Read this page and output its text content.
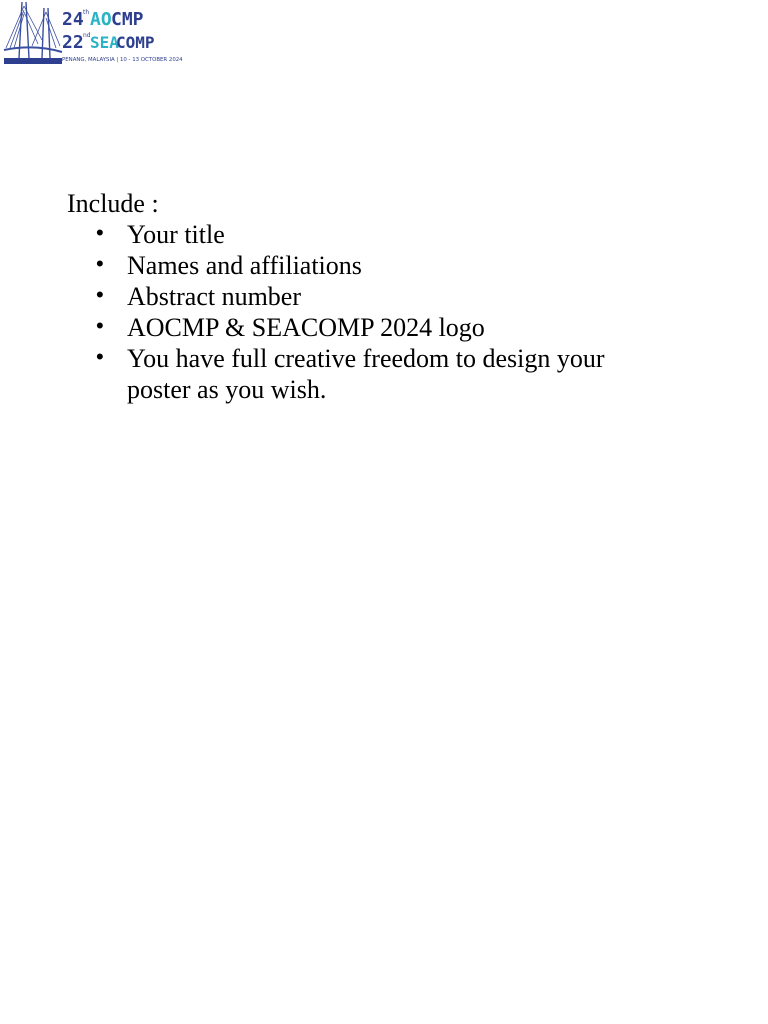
24 th AO CMP
22 nd SEA
COMP
PENANG, MALAYSIA | 10 - 13 OCTOBER 2024

Include :

• Your title
• Names and affiliations
• Abstract number
• AOCMP & SEACOMP 2024 logo
• You have full creative freedom to design your poster as you wish.
